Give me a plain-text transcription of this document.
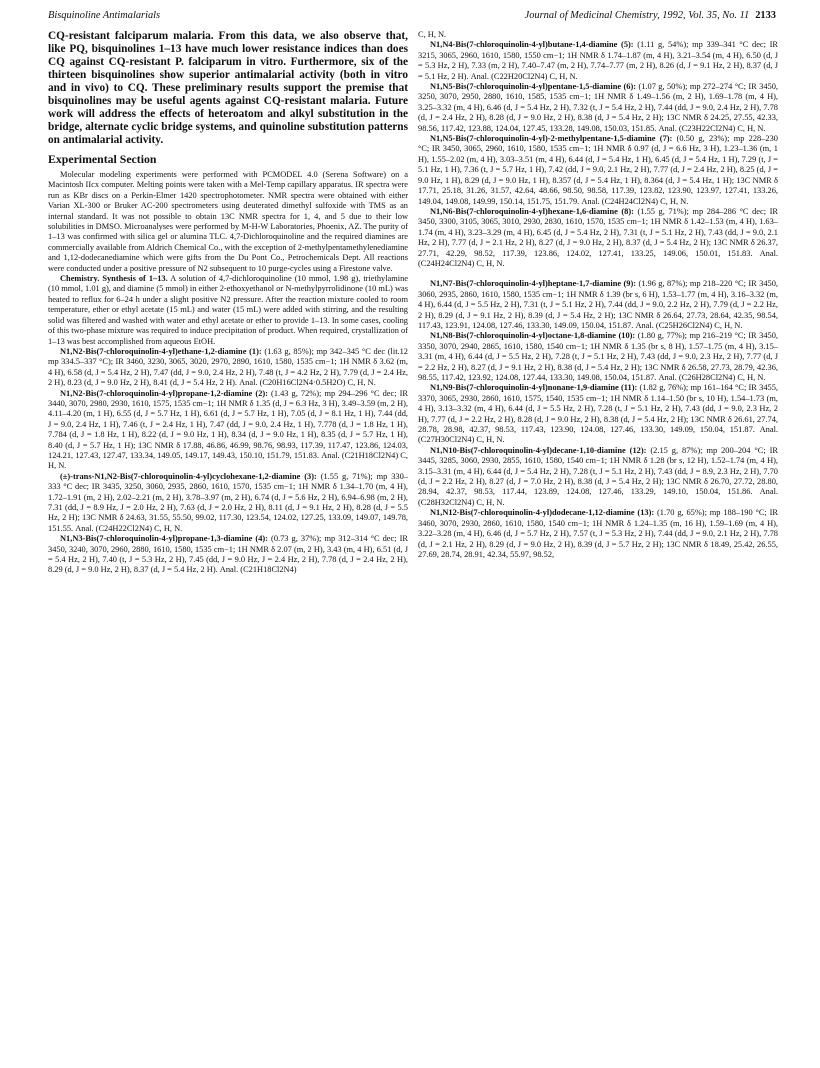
Bisquinoline Antimalarials	Journal of Medicinal Chemistry, 1992, Vol. 35, No. 11 2133

CQ-resistant falciparum malaria. From this data, we also observe that, like PQ, bisquinolines 1–13 have much lower resistance indices than does CQ against CQ-resistant P. falciparum in vitro. Furthermore, six of the thirteen bisquinolines show superior antimalarial activity (both in vitro and in vivo) to CQ. These preliminary results support the premise that bisquinolines may be useful agents against CQ-resistant malaria. Future work will address the effects of heteroatom and alkyl substitution in the bridge, alternate cyclic bridge systems, and quinoline substitution patterns on antimalarial activity.

Experimental Section

Molecular modeling experiments were performed with PCMODEL 4.0 (Serena Software) on a Macintosh IIcx computer. Melting points were taken with a Mel-Temp capillary apparatus. IR spectra were run as KBr discs on a Perkin-Elmer 1420 spectrophotometer. NMR spectra were obtained with either Varian XL-300 or Bruker AC-200 spectrometers using deuterated dimethyl sulfoxide with TMS as an internal standard. It was not possible to obtain 13C NMR spectra for 1, 4, and 5 due to their low solubilities in DMSO. Microanalyses were performed by M-H-W Laboratories, Phoenix, AZ. The purity of 1–13 was confirmed with silica gel or alumina TLC. 4,7-Dichloroquinoline and the required diamines are commercially available from Aldrich Chemical Co., with the exception of 2-methylpentamethylenediamine and 1,12-dodecanediamine which were gifts from the Du Pont Co., Petrochemicals Dept. All reactions were conducted under a positive pressure of N2 subsequent to 10 purge-cycles using a Firestone valve.

Chemistry. Synthesis of 1–13. A solution of 4,7-dichloroquinoline (10 mmol, 1.98 g), triethylamine (10 mmol, 1.01 g), and diamine (5 mmol) in either 2-ethoxyethanol or N-methylpyrrolidinone (10 mL) was heated to reflux for 6–24 h under a slight positive N2 pressure. After the reaction mixture cooled to room temperature, ether or ethyl acetate (15 mL) and water (15 mL) were added with stirring, and the resulting solid was filtered and washed with water and ethyl acetate or ether to provide 1–13. In some cases, cooling of this two-phase mixture was required to induce precipitation of product. When required, crystallization of 1–13 was best accomplished from aqueous EtOH.

N1,N2-Bis(7-chloroquinolin-4-yl)ethane-1,2-diamine (1): (1.63 g, 85%); mp 342–345 °C dec (lit.12 mp 334.5–337 °C); IR 3460, 3230, 3065, 3020, 2970, 2890, 1610, 1580, 1535 cm−1; 1H NMR δ 3.62 (m, 4 H), 6.58 (d, J = 5.4 Hz, 2 H), 7.47 (dd, J = 9.0, 2.4 Hz, 2 H), 7.48 (t, J = 4.2 Hz, 2 H), 7.79 (d, J = 2.4 Hz, 2 H), 8.23 (d, J = 9.0 Hz, 2 H), 8.41 (d, J = 5.4 Hz, 2 H). Anal. (C20H16Cl2N4·0.5H2O) C, H, N.

N1,N2-Bis(7-chloroquinolin-4-yl)propane-1,2-diamine (2): (1.43 g, 72%); mp 294–296 °C dec; IR 3440, 3070, 2980, 2930, 1610, 1575, 1535 cm−1; 1H NMR δ 1.35 (d, J = 6.3 Hz, 3 H), 3.49–3.59 (m, 2 H), 4.11–4.20 (m, 1 H), 6.55 (d, J = 5.7 Hz, 1 H), 6.61 (d, J = 5.7 Hz, 1 H), 7.05 (d, J = 8.1 Hz, 1 H), 7.44 (dd, J = 9.0, 2.4 Hz, 1 H), 7.46 (t, J = 2.4 Hz, 1 H), 7.47 (dd, J = 9.0, 2.4 Hz, 1 H), 7.778 (d, J = 1.8 Hz, 1 H), 7.784 (d, J = 1.8 Hz, 1 H), 8.22 (d, J = 9.0 Hz, 1 H), 8.34 (d, J = 9.0 Hz, 1 H), 8.35 (d, J = 5.7 Hz, 1 H), 8.40 (d, J = 5.7 Hz, 1 H); 13C NMR δ 17.88, 46.86, 46.99, 98.76, 98.93, 117.39, 117.47, 123.86, 124.03, 124.21, 127.43, 127.47, 133.34, 149.05, 149.17, 149.43, 150.10, 151.79, 151.83. Anal. (C21H18Cl2N4) C, H, N.

(±)-trans-N1,N2-Bis(7-chloroquinolin-4-yl)cyclohexane-1,2-diamine (3): (1.55 g, 71%); mp 330–333 °C dec; IR 3435, 3250, 3060, 2935, 2860, 1610, 1570, 1535 cm−1; 1H NMR δ 1.34–1.70 (m, 4 H), 1.72–1.91 (m, 2 H), 2.02–2.21 (m, 2 H), 3.78–3.97 (m, 2 H), 6.74 (d, J = 5.6 Hz, 2 H), 6.94–6.98 (m, 2 H), 7.31 (dd, J = 8.9 Hz, J = 2.0 Hz, 2 H), 7.63 (d, J = 2.0 Hz, 2 H), 8.11 (d, J = 9.1 Hz, 2 H), 8.28 (d, J = 5.5 Hz, 2 H); 13C NMR δ 24.63, 31.55, 55.50, 99.02, 117.30, 123.54, 124.02, 127.25, 133.09, 149.07, 149.78, 151.55. Anal. (C24H22Cl2N4) C, H, N.

N1,N3-Bis(7-chloroquinolin-4-yl)propane-1,3-diamine (4): (0.73 g, 37%); mp 312–314 °C dec; IR 3450, 3240, 3070, 2960, 2880, 1610, 1580, 1535 cm−1; 1H NMR δ 2.07 (m, 2 H), 3.43 (m, 4 H), 6.51 (d, J = 5.4 Hz, 2 H), 7.40 (t, J = 5.3 Hz, 2 H), 7.45 (dd, J = 9.0 Hz, J = 2.4 Hz, 2 H), 7.78 (d, J = 2.4 Hz, 2 H), 8.29 (d, J = 9.0 Hz, 2 H), 8.37 (d, J = 5.4 Hz, 2 H). Anal. (C21H18Cl2N4)

C, H, N.

N1,N4-Bis(7-chloroquinolin-4-yl)butane-1,4-diamine (5): (1.11 g, 54%); mp 339–341 °C dec; IR 3215, 3065, 2960, 1610, 1580, 1550 cm−1; 1H NMR δ 1.74–1.87 (m, 4 H), 3.21–3.54 (m, 4 H), 6.50 (d, J = 5.3 Hz, 2 H), 7.33 (m, 2 H), 7.40–7.47 (m, 2 H), 7.74–7.77 (m, 2 H), 8.26 (d, J = 9.1 Hz, 2 H), 8.37 (d, J = 5.1 Hz, 2 H). Anal. (C22H20Cl2N4) C, H, N.

N1,N5-Bis(7-chloroquinolin-4-yl)pentane-1,5-diamine (6): (1.07 g, 50%); mp 272–274 °C; IR 3450, 3250, 3070, 2950, 2880, 1610, 1585, 1535 cm−1; 1H NMR δ 1.49–1.56 (m, 2 H), 1.69–1.78 (m, 4 H), 3.25–3.32 (m, 4 H), 6.46 (d, J = 5.4 Hz, 2 H), 7.32 (t, J = 5.4 Hz, 2 H), 7.44 (dd, J = 9.0, 2.4 Hz, 2 H), 7.78 (d, J = 2.4 Hz, 2 H), 8.28 (d, J = 9.0 Hz, 2 H), 8.38 (d, J = 5.4 Hz, 2 H); 13C NMR δ 24.25, 27.55, 42.33, 98.56, 117.42, 123.88, 124.04, 127.45, 133.28, 149.08, 150.03, 151.85. Anal. (C23H22Cl2N4) C, H, N.

N1,N5-Bis(7-chloroquinolin-4-yl)-2-methylpentane-1,5-diamine (7): (0.50 g, 23%); mp 228–230 °C; IR 3450, 3065, 2960, 1610, 1580, 1535 cm−1; 1H NMR δ 0.97 (d, J = 6.6 Hz, 3 H), 1.23–1.36 (m, 1 H), 1.55–2.02 (m, 4 H), 3.03–3.51 (m, 4 H), 6.44 (d, J = 5.4 Hz, 1 H), 6.45 (d, J = 5.4 Hz, 1 H), 7.29 (t, J = 5.1 Hz, 1 H), 7.36 (t, J = 5.7 Hz, 1 H), 7.42 (dd, J = 9.0, 2.1 Hz, 2 H), 7.77 (d, J = 2.4 Hz, 2 H), 8.25 (d, J = 9.0 Hz, 1 H), 8.29 (d, J = 9.0 Hz, 1 H), 8.357 (d, J = 5.4 Hz, 1 H), 8.364 (d, J = 5.4 Hz, 1 H); 13C NMR δ 17.71, 25.18, 31.26, 31.57, 42.64, 48.66, 98.50, 98.58, 117.39, 123.82, 123.90, 123.97, 127.41, 133.26, 149.04, 149.08, 149.99, 150.14, 151.75, 151.79. Anal. (C24H24Cl2N4) C, H, N.

N1,N6-Bis(7-chloroquinolin-4-yl)hexane-1,6-diamine (8): (1.55 g, 71%); mp 284–286 °C dec; IR 3450, 3300, 3105, 3065, 3010, 2930, 2830, 1610, 1570, 1535 cm−1; 1H NMR δ 1.42–1.53 (m, 4 H), 1.63–1.74 (m, 4 H), 3.23–3.29 (m, 4 H), 6.45 (d, J = 5.4 Hz, 2 H), 7.31 (t, J = 5.1 Hz, 2 H), 7.43 (dd, J = 9.0, 2.1 Hz, 2 H), 7.77 (d, J = 2.1 Hz, 2 H), 8.27 (d, J = 9.0 Hz, 2 H), 8.37 (d, J = 5.4 Hz, 2 H); 13C NMR δ 26.37, 27.71, 42.29, 98.52, 117.39, 123.86, 124.02, 127.41, 133.25, 149.06, 150.01, 151.83. Anal. (C24H24Cl2N4) C, H, N.

N1,N7-Bis(7-chloroquinolin-4-yl)heptane-1,7-diamine (9): (1.96 g, 87%); mp 218–220 °C; IR 3450, 3060, 2935, 2860, 1610, 1580, 1535 cm−1; 1H NMR δ 1.39 (br s, 6 H), 1.53–1.77 (m, 4 H), 3.16–3.32 (m, 4 H), 6.44 (d, J = 5.5 Hz, 2 H), 7.31 (t, J = 5.1 Hz, 2 H), 7.44 (dd, J = 9.0, 2.2 Hz, 2 H), 7.79 (d, J = 2.2 Hz, 2 H), 8.29 (d, J = 9.1 Hz, 2 H), 8.39 (d, J = 5.4 Hz, 2 H); 13C NMR δ 26.64, 27.73, 28.64, 42.35, 98.54, 117.43, 123.91, 124.08, 127.46, 133.30, 149.09, 150.04, 151.87. Anal. (C25H26Cl2N4) C, H, N.

N1,N8-Bis(7-chloroquinolin-4-yl)octane-1,8-diamine (10): (1.80 g, 77%); mp 216–219 °C; IR 3450, 3350, 3070, 2940, 2865, 1610, 1580, 1540 cm−1; 1H NMR δ 1.35 (br s, 8 H), 1.57–1.75 (m, 4 H), 3.15–3.31 (m, 4 H), 6.44 (d, J = 5.5 Hz, 2 H), 7.28 (t, J = 5.1 Hz, 2 H), 7.43 (dd, J = 9.0, 2.3 Hz, 2 H), 7.77 (d, J = 2.2 Hz, 2 H), 8.27 (d, J = 9.1 Hz, 2 H), 8.38 (d, J = 5.4 Hz, 2 H); 13C NMR δ 26.58, 27.73, 28.79, 42.36, 98.55, 117.42, 123.92, 124.08, 127.44, 133.30, 149.08, 150.04, 151.87. Anal. (C26H28Cl2N4) C, H, N.

N1,N9-Bis(7-chloroquinolin-4-yl)nonane-1,9-diamine (11): (1.82 g, 76%); mp 161–164 °C; IR 3455, 3370, 3065, 2930, 2860, 1610, 1575, 1540, 1535 cm−1; 1H NMR δ 1.14–1.50 (br s, 10 H), 1.54–1.73 (m, 4 H), 3.13–3.32 (m, 4 H), 6.44 (d, J = 5.5 Hz, 2 H), 7.28 (t, J = 5.1 Hz, 2 H), 7.43 (dd, J = 9.0, 2.3 Hz, 2 H), 7.77 (d, J = 2.2 Hz, 2 H), 8.28 (d, J = 9.0 Hz, 2 H), 8.38 (d, J = 5.4 Hz, 2 H); 13C NMR δ 26.61, 27.74, 28.78, 28.98, 42.37, 98.53, 117.43, 123.90, 124.08, 127.46, 133.30, 149.09, 150.04, 151.87. Anal. (C27H30Cl2N4) C, H, N.

N1,N10-Bis(7-chloroquinolin-4-yl)decane-1,10-diamine (12): (2.15 g, 87%); mp 200–204 °C; IR 3445, 3285, 3060, 2930, 2855, 1610, 1580, 1540 cm−1; 1H NMR δ 1.28 (br s, 12 H), 1.52–1.74 (m, 4 H), 3.15–3.31 (m, 4 H), 6.44 (d, J = 5.4 Hz, 2 H), 7.28 (t, J = 5.1 Hz, 2 H), 7.43 (dd, J = 8.9, 2.3 Hz, 2 H), 7.70 (d, J = 2.2 Hz, 2 H), 8.27 (d, J = 7.0 Hz, 2 H), 8.38 (d, J = 5.4 Hz, 2 H); 13C NMR δ 26.70, 27.72, 28.80, 28.94, 42.37, 98.53, 117.44, 123.89, 124.08, 127.46, 133.29, 149.10, 150.04, 151.86. Anal. (C28H32Cl2N4) C, H, N.

N1,N12-Bis(7-chloroquinolin-4-yl)dodecane-1,12-diamine (13): (1.70 g, 65%); mp 188–190 °C; IR 3460, 3070, 2930, 2860, 1610, 1580, 1540 cm−1; 1H NMR δ 1.24–1.35 (m, 16 H), 1.59–1.69 (m, 4 H), 3.22–3.28 (m, 4 H), 6.46 (d, J = 5.7 Hz, 2 H), 7.57 (t, J = 5.3 Hz, 2 H), 7.44 (dd, J = 9.0, 2.1 Hz, 2 H), 7.78 (d, J = 2.1 Hz, 2 H), 8.29 (d, J = 9.0 Hz, 2 H), 8.39 (d, J = 5.7 Hz, 2 H); 13C NMR δ 18.49, 25.42, 26.55, 27.69, 28.74, 28.91, 42.34, 55.97, 98.52,
